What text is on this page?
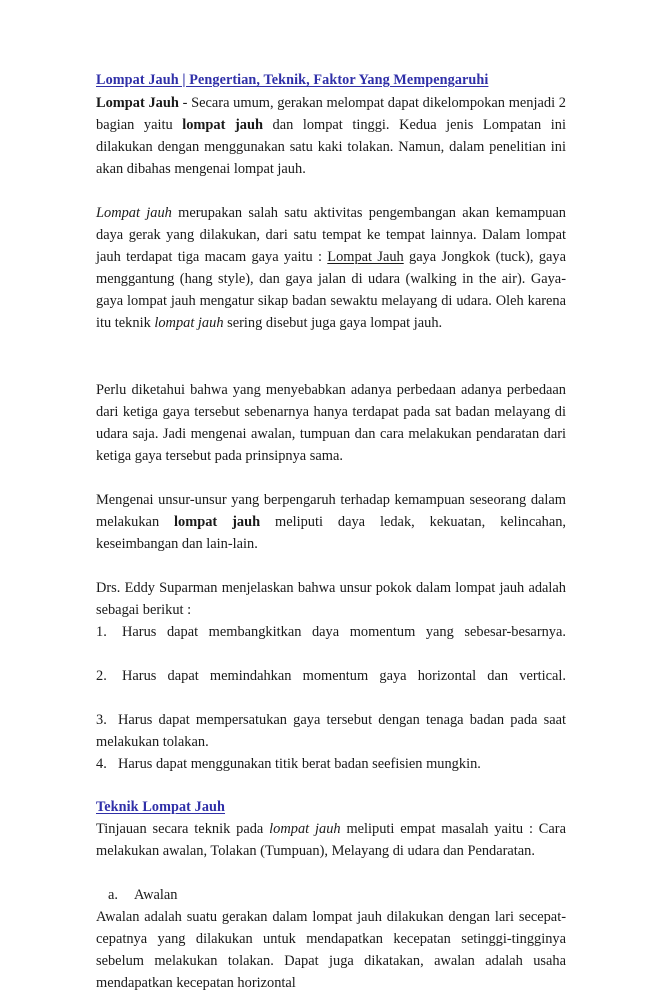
Lompat Jauh | Pengertian, Teknik, Faktor Yang Mempengaruhi

Lompat Jauh - Secara umum, gerakan melompat dapat dikelompokan menjadi 2 bagian yaitu lompat jauh dan lompat tinggi. Kedua jenis Lompatan ini dilakukan dengan menggunakan satu kaki tolakan. Namun, dalam penelitian ini akan dibahas mengenai lompat jauh.

Lompat jauh merupakan salah satu aktivitas pengembangan akan kemampuan daya gerak yang dilakukan, dari satu tempat ke tempat lainnya. Dalam lompat jauh terdapat tiga macam gaya yaitu : Lompat Jauh gaya Jongkok (tuck), gaya menggantung (hang style), dan gaya jalan di udara (walking in the air). Gaya-gaya lompat jauh mengatur sikap badan sewaktu melayang di udara. Oleh karena itu teknik lompat jauh sering disebut juga gaya lompat jauh.

Perlu diketahui bahwa yang menyebabkan adanya perbedaan adanya perbedaan dari ketiga gaya tersebut sebenarnya hanya terdapat pada sat badan melayang di udara saja. Jadi mengenai awalan, tumpuan dan cara melakukan pendaratan dari ketiga gaya tersebut pada prinsipnya sama.

Mengenai unsur-unsur yang berpengaruh terhadap kemampuan seseorang dalam melakukan lompat jauh meliputi daya ledak, kekuatan, kelincahan, keseimbangan dan lain-lain.

Drs. Eddy Suparman menjelaskan bahwa unsur pokok dalam lompat jauh adalah sebagai berikut :

1. Harus dapat membangkitkan daya momentum yang sebesar-besarnya.
2. Harus dapat memindahkan momentum gaya horizontal dan vertical.
3. Harus dapat mempersatukan gaya tersebut dengan tenaga badan pada saat melakukan tolakan.
4. Harus dapat menggunakan titik berat badan seefisien mungkin.
Teknik Lompat Jauh

Tinjauan secara teknik pada lompat jauh meliputi empat masalah yaitu : Cara melakukan awalan, Tolakan (Tumpuan), Melayang di udara dan Pendaratan.

a. Awalan

Awalan adalah suatu gerakan dalam lompat jauh dilakukan dengan lari secepat-cepatnya yang dilakukan untuk mendapatkan kecepatan setinggi-tingginya sebelum melakukan tolakan. Dapat juga dikatakan, awalan adalah usaha mendapatkan kecepatan horizontal
